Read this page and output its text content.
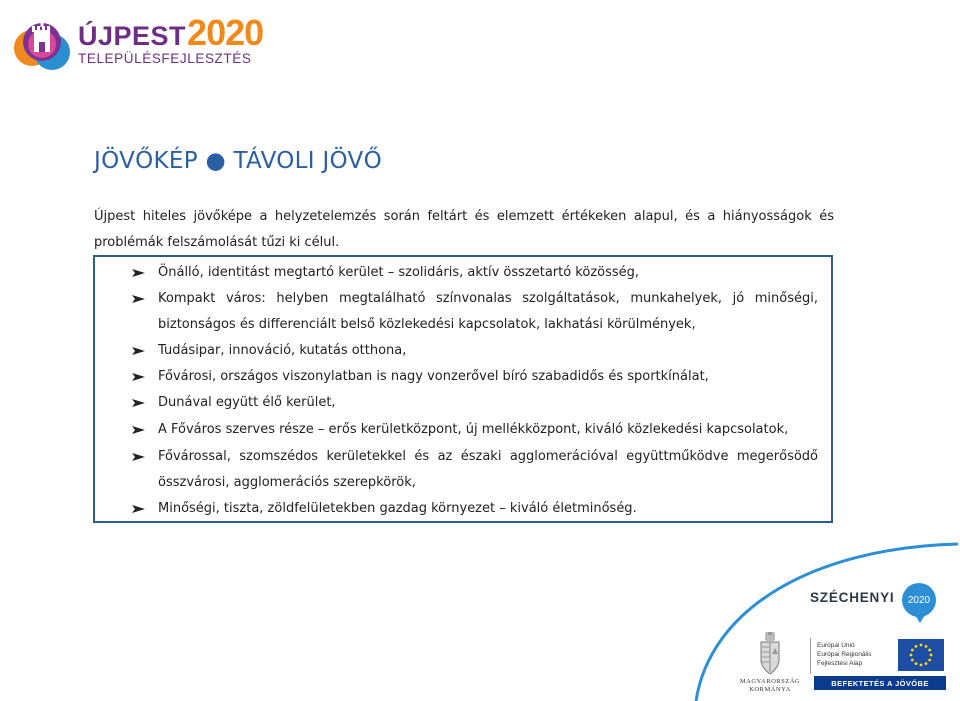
ÚJPEST2020
TELEPÜLÉSFEJLESZTÉS
JÖVŐKÉP ● TÁVOLI JÖVŐ
Újpest hiteles jövőképe a helyzetelemzés során feltárt és elemzett értékeken alapul, és a hiányosságok és
problémák felszámolását tűzi ki célul.
Önálló, identitást megtartó kerület – szolidáris, aktív összetartó közösség,
Kompakt város: helyben megtalálható színvonalas szolgáltatások, munkahelyek, jó minőségi,
biztonságos és differenciált belső közlekedési kapcsolatok, lakhatási körülmények,
Tudásipar, innováció, kutatás otthona,
Fővárosi, országos viszonylatban is nagy vonzerővel bíró szabadidős és sportkínálat,
Dunával együtt élő kerület,
A Főváros szerves része – erős kerületközpont, új mellékközpont, kiváló közlekedési kapcsolatok,
Fővárossal, szomszédos kerületekkel és az északi agglomerációval együttműködve megerősödő
összvárosi, agglomerációs szerepkörök,
Minőségi, tiszta, zöldfelületekben gazdag környezet – kiváló életminőség.
SZÉCHENYI	2020
MAGYARORSZÁG
KORMÁNYA
Európai Unió
Európai Regionális
Fejlesztési Alap
BEFEKTETÉS A JÖVŐBE
